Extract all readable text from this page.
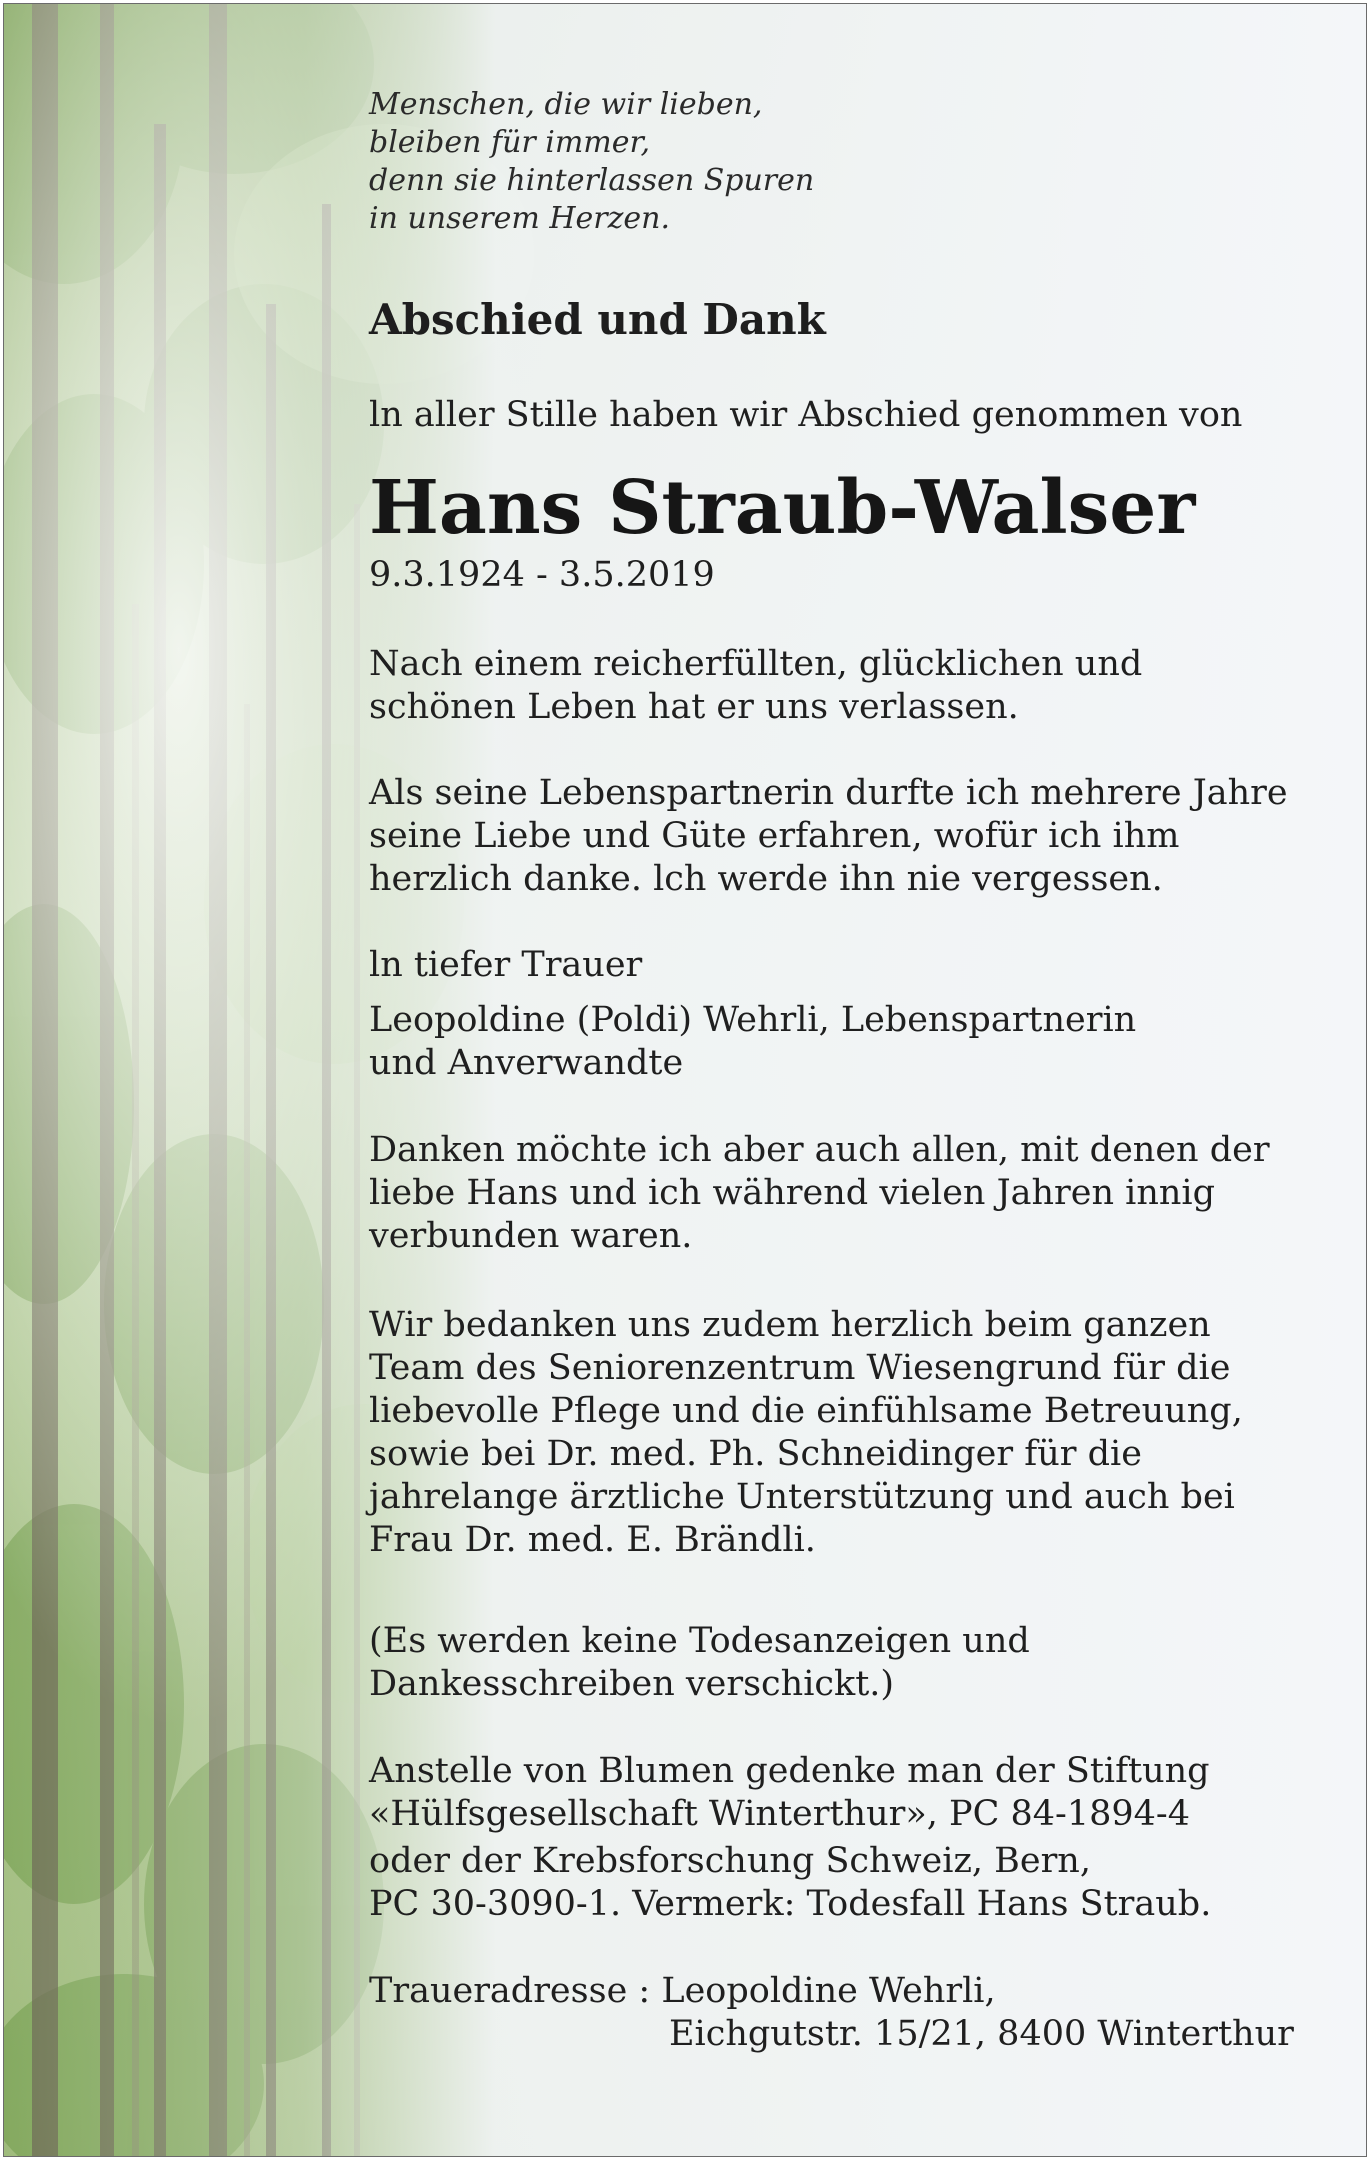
Menschen, die wir lieben,
bleiben für immer,
denn sie hinterlassen Spuren
in unserem Herzen.
Abschied und Dank
ln aller Stille haben wir Abschied genommen von
Hans Straub-Walser
9.3.1924 - 3.5.2019
Nach einem reicherfüllten, glücklichen und
schönen Leben hat er uns verlassen.
Als seine Lebenspartnerin durfte ich mehrere Jahre
seine Liebe und Güte erfahren, wofür ich ihm
herzlich danke. lch werde ihn nie vergessen.
ln tiefer Trauer
Leopoldine (Poldi) Wehrli, Lebenspartnerin
und Anverwandte
Danken möchte ich aber auch allen, mit denen der
liebe Hans und ich während vielen Jahren innig
verbunden waren.
Wir bedanken uns zudem herzlich beim ganzen
Team des Seniorenzentrum Wiesengrund für die
liebevolle Pflege und die einfühlsame Betreuung,
sowie bei Dr. med. Ph. Schneidinger für die
jahrelange ärztliche Unterstützung und auch bei
Frau Dr. med. E. Brändli.
(Es werden keine Todesanzeigen und
Dankesschreiben verschickt.)
Anstelle von Blumen gedenke man der Stiftung
«Hülfsgesellschaft Winterthur», PC 84-1894-4
oder der Krebsforschung Schweiz, Bern,
PC 30-3090-1. Vermerk: Todesfall Hans Straub.
Traueradresse : Leopoldine Wehrli,
Eichgutstr. 15/21, 8400 Winterthur
